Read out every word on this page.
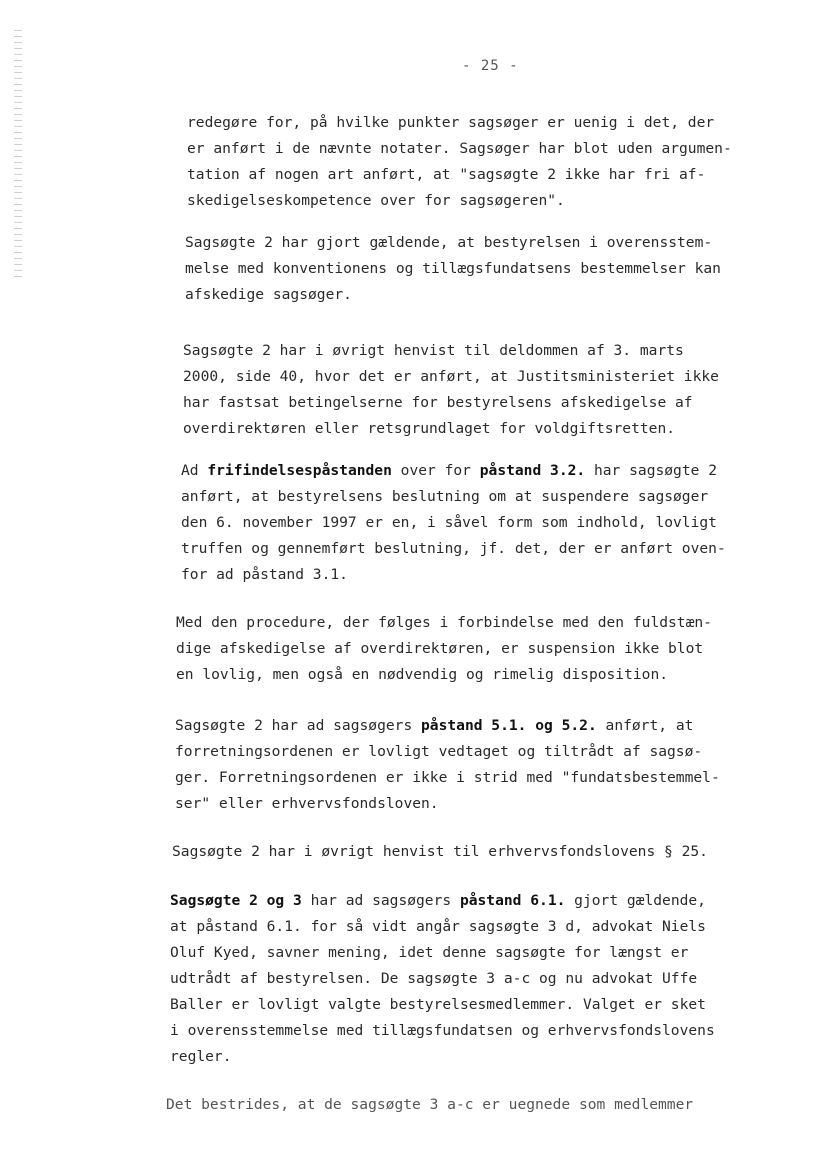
- 25 -

redegøre for, på hvilke punkter sagsøger er uenig i det, der
er anført i de nævnte notater. Sagsøger har blot uden argumen-
tation af nogen art anført, at "sagsøgte 2 ikke har fri af-
skedigelseskompetence over for sagsøgeren".

Sagsøgte 2 har gjort gældende, at bestyrelsen i overensstem-
melse med konventionens og tillægsfundatsens bestemmelser kan
afskedige sagsøger.

Sagsøgte 2 har i øvrigt henvist til deldommen af 3. marts
2000, side 40, hvor det er anført, at Justitsministeriet ikke
har fastsat betingelserne for bestyrelsens afskedigelse af
overdirektøren eller retsgrundlaget for voldgiftsretten.

Ad frifindelsespåstanden over for påstand 3.2. har sagsøgte 2
anført, at bestyrelsens beslutning om at suspendere sagsøger
den 6. november 1997 er en, i såvel form som indhold, lovligt
truffen og gennemført beslutning, jf. det, der er anført oven-
for ad påstand 3.1.

Med den procedure, der følges i forbindelse med den fuldstæn-
dige afskedigelse af overdirektøren, er suspension ikke blot
en lovlig, men også en nødvendig og rimelig disposition.

Sagsøgte 2 har ad sagsøgers påstand 5.1. og 5.2. anført, at
forretningsordenen er lovligt vedtaget og tiltrådt af sagsø-
ger. Forretningsordenen er ikke i strid med "fundatsbestemmel-
ser" eller erhvervsfondsloven.

Sagsøgte 2 har i øvrigt henvist til erhvervsfondslovens § 25.

Sagsøgte 2 og 3 har ad sagsøgers påstand 6.1. gjort gældende,
at påstand 6.1. for så vidt angår sagsøgte 3 d, advokat Niels
Oluf Kyed, savner mening, idet denne sagsøgte for længst er
udtrådt af bestyrelsen. De sagsøgte 3 a-c og nu advokat Uffe
Baller er lovligt valgte bestyrelsesmedlemmer. Valget er sket
i overensstemmelse med tillægsfundatsen og erhvervsfondslovens
regler.

Det bestrides, at de sagsøgte 3 a-c er uegnede som medlemmer
